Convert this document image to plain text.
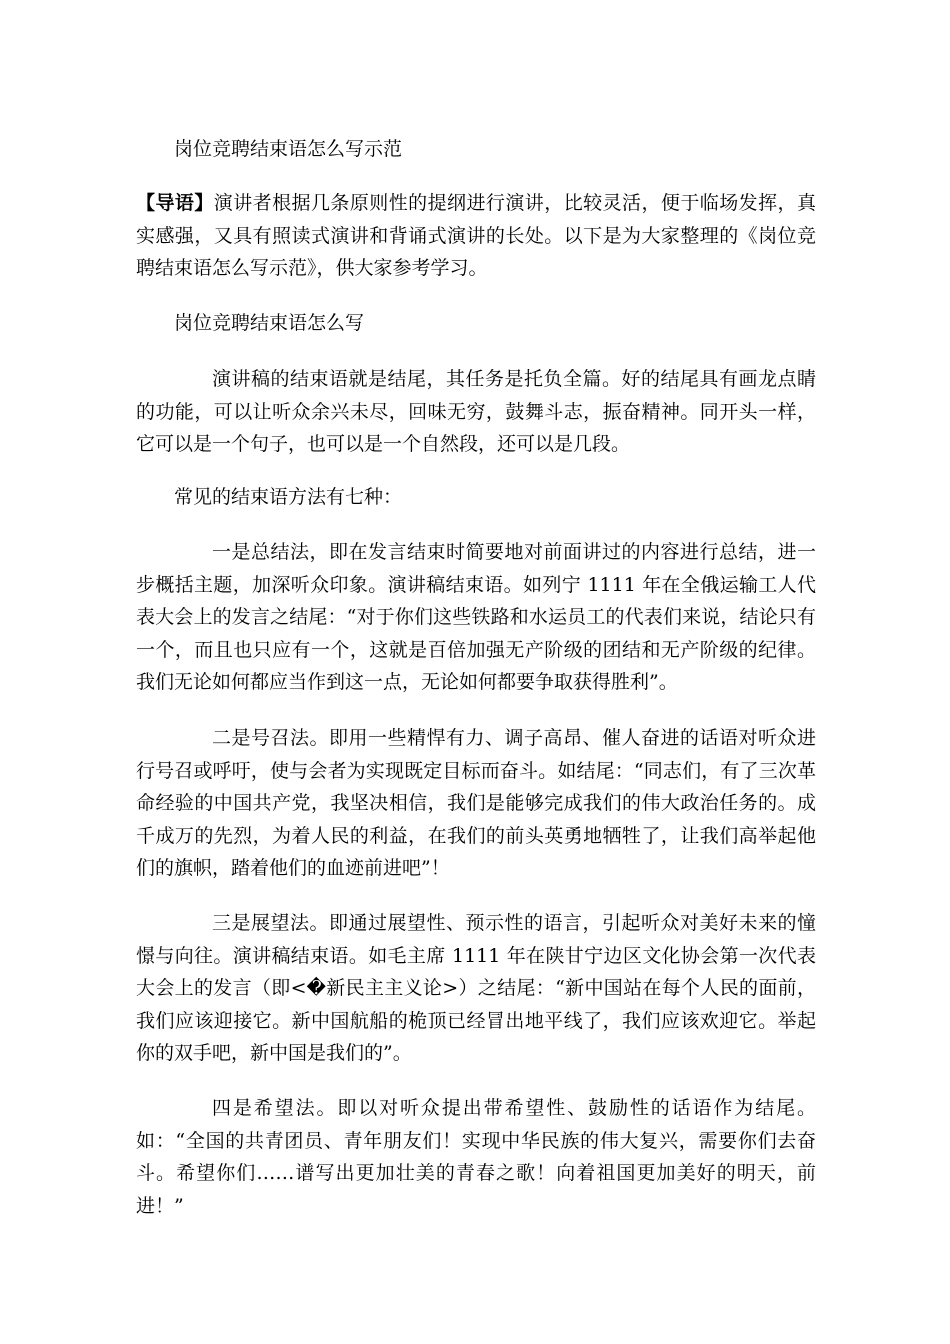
岗位竞聘结束语怎么写示范

【导语】演讲者根据几条原则性的提纲进行演讲，比较灵活，便于临场发挥，真实感强，又具有照读式演讲和背诵式演讲的长处。以下是为大家整理的《岗位竞聘结束语怎么写示范》，供大家参考学习。

岗位竞聘结束语怎么写

演讲稿的结束语就是结尾，其任务是托负全篇。好的结尾具有画龙点睛的功能，可以让听众余兴未尽，回味无穷，鼓舞斗志，振奋精神。同开头一样，它可以是一个句子，也可以是一个自然段，还可以是几段。

常见的结束语方法有七种：

一是总结法，即在发言结束时简要地对前面讲过的内容进行总结，进一步概括主题，加深听众印象。演讲稿结束语。如列宁 1111 年在全俄运输工人代表大会上的发言之结尾：“对于你们这些铁路和水运员工的代表们来说，结论只有一个，而且也只应有一个，这就是百倍加强无产阶级的团结和无产阶级的纪律。我们无论如何都应当作到这一点，无论如何都要争取获得胜利”。

二是号召法。即用一些精悍有力、调子高昂、催人奋进的话语对听众进行号召或呼吁，使与会者为实现既定目标而奋斗。如结尾：“同志们，有了三次革命经验的中国共产党，我坚决相信，我们是能够完成我们的伟大政治任务的。成千成万的先烈，为着人民的利益，在我们的前头英勇地牺牲了，让我们高举起他们的旗帜，踏着他们的血迹前进吧”！

三是展望法。即通过展望性、预示性的语言，引起听众对美好未来的憧憬与向往。演讲稿结束语。如毛主席 1111 年在陕甘宁边区文化协会第一次代表大会上的发言（即<�新民主主义论>）之结尾：“新中国站在每个人民的面前，我们应该迎接它。新中国航船的桅顶已经冒出地平线了，我们应该欢迎它。举起你的双手吧，新中国是我们的”。

四是希望法。即以对听众提出带希望性、鼓励性的话语作为结尾。如：“全国的共青团员、青年朋友们！实现中华民族的伟大复兴，需要你们去奋斗。希望你们……谱写出更加壮美的青春之歌！向着祖国更加美好的明天，前进！”
